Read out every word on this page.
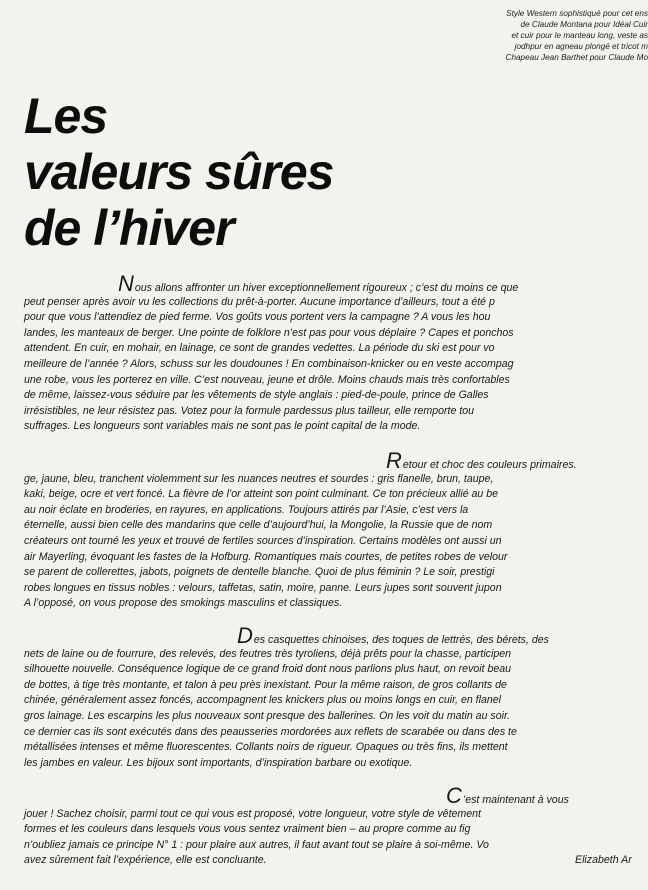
Style Western sophistiqué pour cet ens
de Claude Montana pour Idéal Cuir
et cuir pour le manteau long, veste as
jodhpur en agneau plongé et tricot m
Chapeau Jean Barthet pour Claude Mo
Les
valeurs sûres
de l’hiver
Nous allons affronter un hiver exceptionnellement rigoureux ; c’est du moins ce que
peut penser après avoir vu les collections du prêt-à-porter. Aucune importance d’ailleurs, tout a été p
pour que vous l’attendiez de pied ferme. Vos goûts vous portent vers la campagne ? A vous les hou
landes, les manteaux de berger. Une pointe de folklore n’est pas pour vous déplaire ? Capes et ponchos
attendent. En cuir, en mohair, en lainage, ce sont de grandes vedettes. La période du ski est pour vo
meilleure de l’année ? Alors, schuss sur les doudounes ! En combinaison-knicker ou en veste accompag
une robe, vous les porterez en ville. C’est nouveau, jeune et drôle. Moins chauds mais très confortables
de même, laissez-vous séduire par les vêtements de style anglais : pied-de-poule, prince de Galles
irrésistibles, ne leur résistez pas. Votez pour la formule pardessus plus tailleur, elle remporte tou
suffrages. Les longueurs sont variables mais ne sont pas le point capital de la mode.
Retour et choc des couleurs primaires.
ge, jaune, bleu, tranchent violemment sur les nuances neutres et sourdes : gris flanelle, brun, taupe,
kaki, beige, ocre et vert foncé. La fièvre de l’or atteint son point culminant. Ce ton précieux allié au be
au noir éclate en broderies, en rayures, en applications. Toujours attirés par l’Asie, c’est vers la
éternelle, aussi bien celle des mandarins que celle d’aujourd’hui, la Mongolie, la Russie que de nom
créateurs ont tourné les yeux et trouvé de fertiles sources d’inspiration. Certains modèles ont aussi un
air Mayerling, évoquant les fastes de la Hofburg. Romantiques mais courtes, de petites robes de velour
se parent de collerettes, jabots, poignets de dentelle blanche. Quoi de plus féminin ? Le soir, prestigi
robes longues en tissus nobles : velours, taffetas, satin, moire, panne. Leurs jupes sont souvent jupon
A l’opposé, on vous propose des smokings masculins et classiques.
Des casquettes chinoises, des toques de lettrés, des bérets, des
nets de laine ou de fourrure, des relevés, des feutres très tyroliens, déjà prêts pour la chasse, participen
silhouette nouvelle. Conséquence logique de ce grand froid dont nous parlions plus haut, on revoit beau
de bottes, à tige très montante, et talon à peu près inexistant. Pour la même raison, de gros collants de
chinée, généralement assez foncés, accompagnent les knickers plus ou moins longs en cuir, en flanel
gros lainage. Les escarpins les plus nouveaux sont presque des ballerines. On les voit du matin au soir.
ce dernier cas ils sont exécutés dans des peausseries mordorées aux reflets de scarabée ou dans des te
métallisées intenses et même fluorescentes. Collants noirs de rigueur. Opaques ou très fins, ils mettent
les jambes en valeur. Les bijoux sont importants, d’inspiration barbare ou exotique.
C’est maintenant à vous
jouer ! Sachez choisir, parmi tout ce qui vous est proposé, votre longueur, votre style de vêtement
formes et les couleurs dans lesquels vous vous sentez vraiment bien – au propre comme au fig
n’oubliez jamais ce principe N° 1 : pour plaire aux autres, il faut avant tout se plaire à soi-même. Vo
avez sûrement fait l’expérience, elle est concluante.	Elizabeth Ar
